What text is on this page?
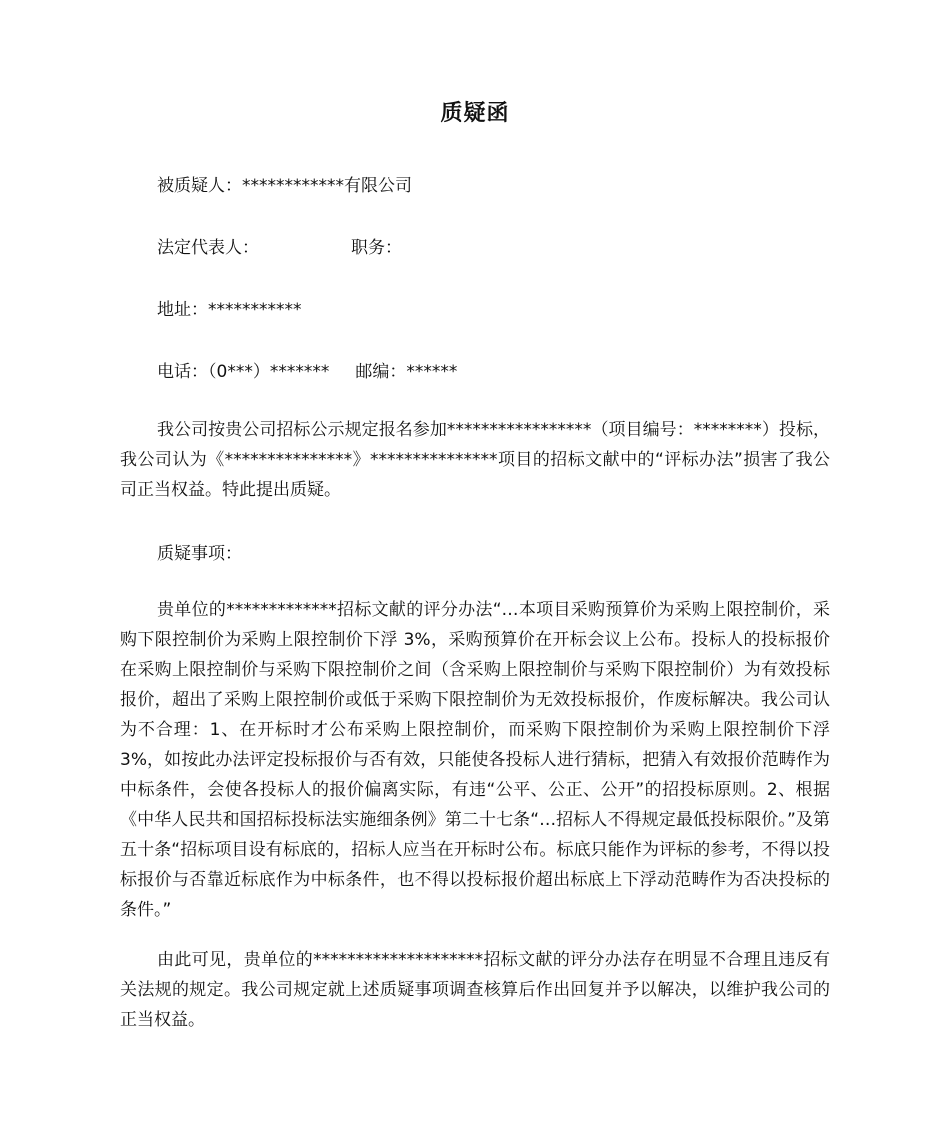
质疑函
被质疑人：************有限公司
法定代表人：	职务：
地址：***********
电话：（0***）******* 邮编：******

我公司按贵公司招标公示规定报名参加*****************（项目编号：********）投标，我公司认为《***************》***************项目的招标文献中的“评标办法”损害了我公司正当权益。特此提出质疑。

质疑事项：

贵单位的*************招标文献的评分办法“…本项目采购预算价为采购上限控制价，采购下限控制价为采购上限控制价下浮 3%，采购预算价在开标会议上公布。投标人的投标报价在采购上限控制价与采购下限控制价之间（含采购上限控制价与采购下限控制价）为有效投标报价，超出了采购上限控制价或低于采购下限控制价为无效投标报价，作废标解决。我公司认为不合理：1、在开标时才公布采购上限控制价，而采购下限控制价为采购上限控制价下浮 3%，如按此办法评定投标报价与否有效，只能使各投标人进行猜标，把猜入有效报价范畴作为中标条件，会使各投标人的报价偏离实际，有违“公平、公正、公开”的招投标原则。2、根据《中华人民共和国招标投标法实施细条例》第二十七条“…招标人不得规定最低投标限价。”及第五十条“招标项目设有标底的，招标人应当在开标时公布。标底只能作为评标的参考，不得以投标报价与否靠近标底作为中标条件，也不得以投标报价超出标底上下浮动范畴作为否决投标的条件。”

由此可见，贵单位的********************招标文献的评分办法存在明显不合理且违反有关法规的规定。我公司规定就上述质疑事项调查核算后作出回复并予以解决，以维护我公司的正当权益。
